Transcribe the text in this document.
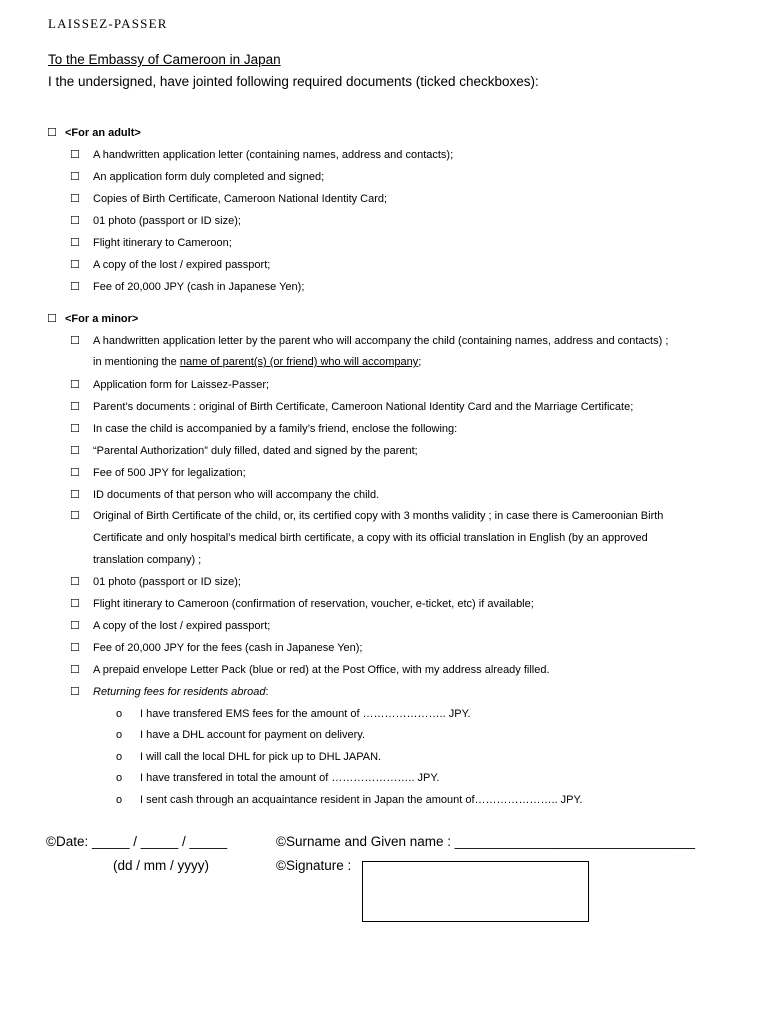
LAISSEZ-PASSER
To the Embassy of Cameroon in Japan
I the undersigned, have jointed following required documents (ticked checkboxes):
☐ <For an adult>
☐ A handwritten application letter (containing names, address and contacts);
☐ An application form duly completed and signed;
☐ Copies of Birth Certificate, Cameroon National Identity Card;
☐ 01 photo (passport or ID size);
☐ Flight itinerary to Cameroon;
☐ A copy of the lost / expired passport;
☐ Fee of 20,000 JPY (cash in Japanese Yen);
☐ <For a minor>
☐ A handwritten application letter by the parent who will accompany the child (containing names, address and contacts) ;
in mentioning the name of parent(s) (or friend) who will accompany;
☐ Application form for Laissez-Passer;
☐ Parent’s documents : original of Birth Certificate, Cameroon National Identity Card and the Marriage Certificate;
☐ In case the child is accompanied by a family’s friend, enclose the following:
☐ “Parental Authorization” duly filled, dated and signed by the parent;
☐ Fee of 500 JPY for legalization;
☐ ID documents of that person who will accompany the child.
☐ Original of Birth Certificate of the child, or, its certified copy with 3 months validity ; in case there is Cameroonian Birth
Certificate and only hospital’s medical birth certificate, a copy with its official translation in English (by an approved
translation company) ;
☐ 01 photo (passport or ID size);
☐ Flight itinerary to Cameroon (confirmation of reservation, voucher, e-ticket, etc) if available;
☐ A copy of the lost / expired passport;
☐ Fee of 20,000 JPY for the fees (cash in Japanese Yen);
☐ A prepaid envelope Letter Pack (blue or red) at the Post Office, with my address already filled.
☐ Returning fees for residents abroad:
o I have transfered EMS fees for the amount of ………………….. JPY.
o I have a DHL account for payment on delivery.
o I will call the local DHL for pick up to DHL JAPAN.
o I have transfered in total the amount of ………………….. JPY.
o I sent cash through an acquaintance resident in Japan the amount of………………….. JPY.
©Date: _____ / _____ / _____
(dd / mm / yyyy)
©Surname and Given name : ________________________________
©Signature :
